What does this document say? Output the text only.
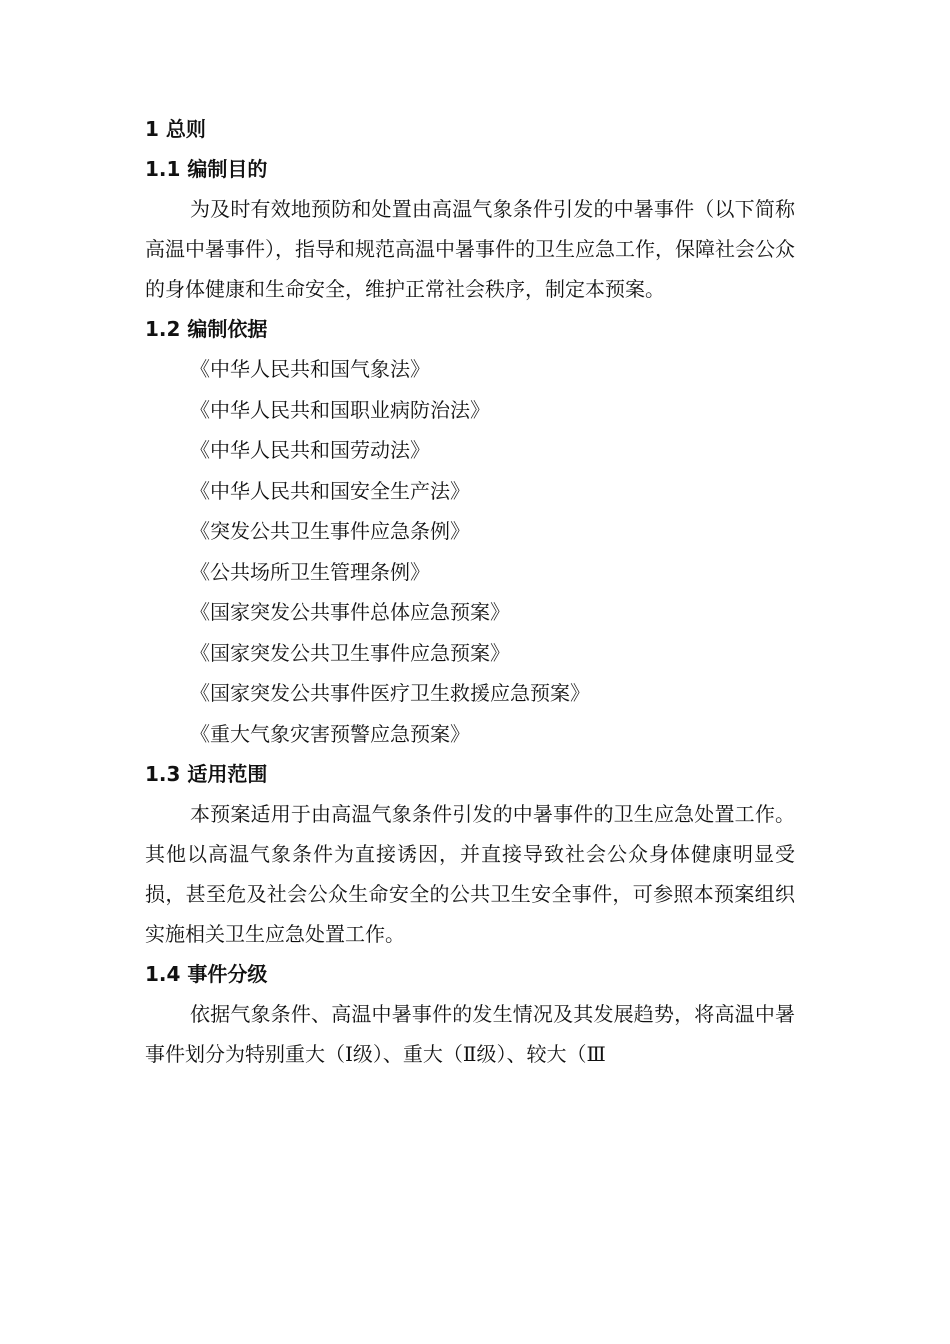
1 总则
1.1 编制目的

为及时有效地预防和处置由高温气象条件引发的中暑事件（以下简称高温中暑事件），指导和规范高温中暑事件的卫生应急工作，保障社会公众的身体健康和生命安全，维护正常社会秩序，制定本预案。

1.2 编制依据
《中华人民共和国气象法》
《中华人民共和国职业病防治法》
《中华人民共和国劳动法》
《中华人民共和国安全生产法》
《突发公共卫生事件应急条例》
《公共场所卫生管理条例》
《国家突发公共事件总体应急预案》
《国家突发公共卫生事件应急预案》
《国家突发公共事件医疗卫生救援应急预案》
《重大气象灾害预警应急预案》
1.3 适用范围

本预案适用于由高温气象条件引发的中暑事件的卫生应急处置工作。其他以高温气象条件为直接诱因，并直接导致社会公众身体健康明显受损，甚至危及社会公众生命安全的公共卫生安全事件，可参照本预案组织实施相关卫生应急处置工作。

1.4 事件分级

依据气象条件、高温中暑事件的发生情况及其发展趋势，将高温中暑事件划分为特别重大（Ⅰ级）、重大（Ⅱ级）、较大（Ⅲ
